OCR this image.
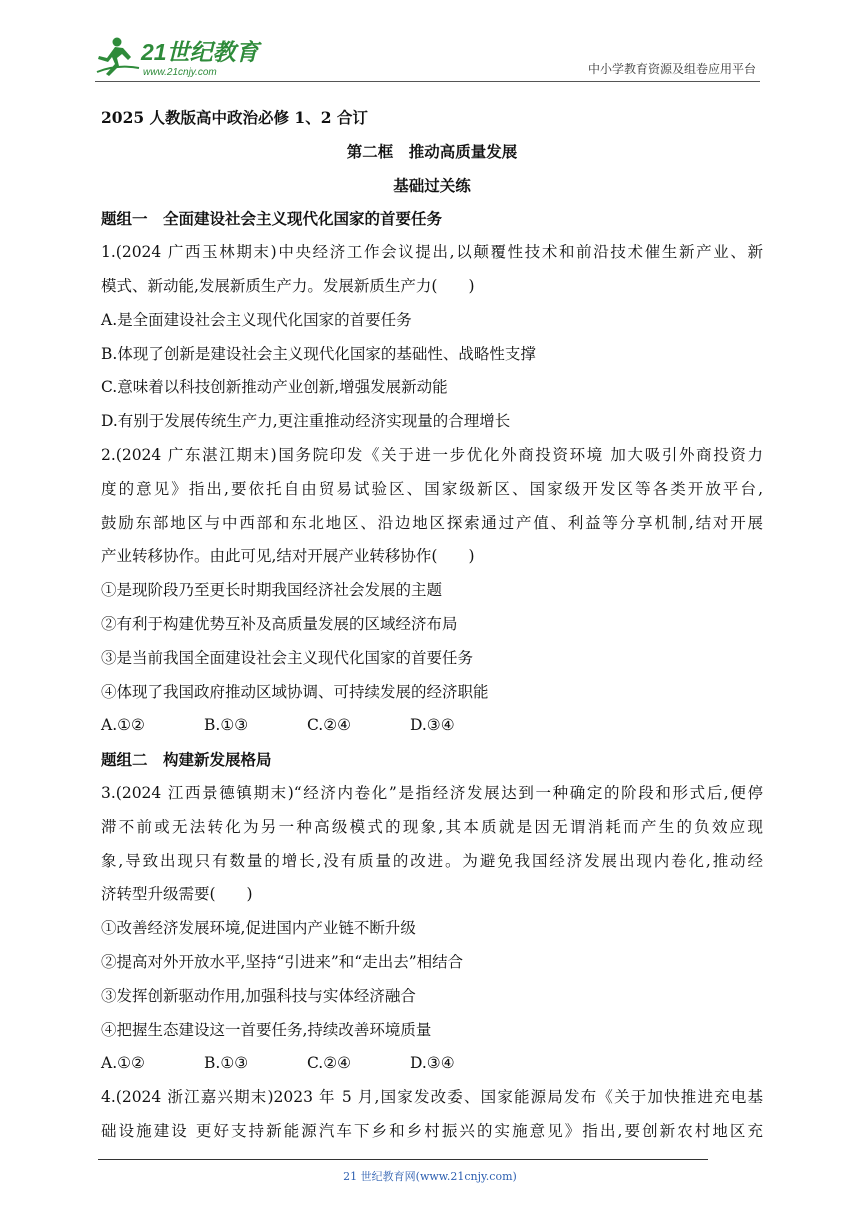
21世纪教育
www.21cnjy.com	中小学教育资源及组卷应用平台
2025 人教版高中政治必修 1、2 合订
第二框　推动高质量发展
基础过关练
题组一　全面建设社会主义现代化国家的首要任务
1.(2024 广西玉林期末)中央经济工作会议提出,以颠覆性技术和前沿技术催生新产业、新
模式、新动能,发展新质生产力。发展新质生产力(　　)
A.是全面建设社会主义现代化国家的首要任务
B.体现了创新是建设社会主义现代化国家的基础性、战略性支撑
C.意味着以科技创新推动产业创新,增强发展新动能
D.有别于发展传统生产力,更注重推动经济实现量的合理增长
2.(2024 广东湛江期末)国务院印发《关于进一步优化外商投资环境 加大吸引外商投资力
度的意见》指出,要依托自由贸易试验区、国家级新区、国家级开发区等各类开放平台,
鼓励东部地区与中西部和东北地区、沿边地区探索通过产值、利益等分享机制,结对开展
产业转移协作。由此可见,结对开展产业转移协作(　　)
①是现阶段乃至更长时期我国经济社会发展的主题
②有利于构建优势互补及高质量发展的区域经济布局
③是当前我国全面建设社会主义现代化国家的首要任务
④体现了我国政府推动区域协调、可持续发展的经济职能
A.①②	B.①③	C.②④	D.③④
题组二　构建新发展格局
3.(2024 江西景德镇期末)“经济内卷化”是指经济发展达到一种确定的阶段和形式后,便停
滞不前或无法转化为另一种高级模式的现象,其本质就是因无谓消耗而产生的负效应现
象,导致出现只有数量的增长,没有质量的改进。为避免我国经济发展出现内卷化,推动经
济转型升级需要(　　)
①改善经济发展环境,促进国内产业链不断升级
②提高对外开放水平,坚持“引进来”和“走出去”相结合
③发挥创新驱动作用,加强科技与实体经济融合
④把握生态建设这一首要任务,持续改善环境质量
A.①②	B.①③	C.②④	D.③④
4.(2024 浙江嘉兴期末)2023 年 5 月,国家发改委、国家能源局发布《关于加快推进充电基
础设施建设 更好支持新能源汽车下乡和乡村振兴的实施意见》指出,要创新农村地区充
21 世纪教育网(www.21cnjy.com)
